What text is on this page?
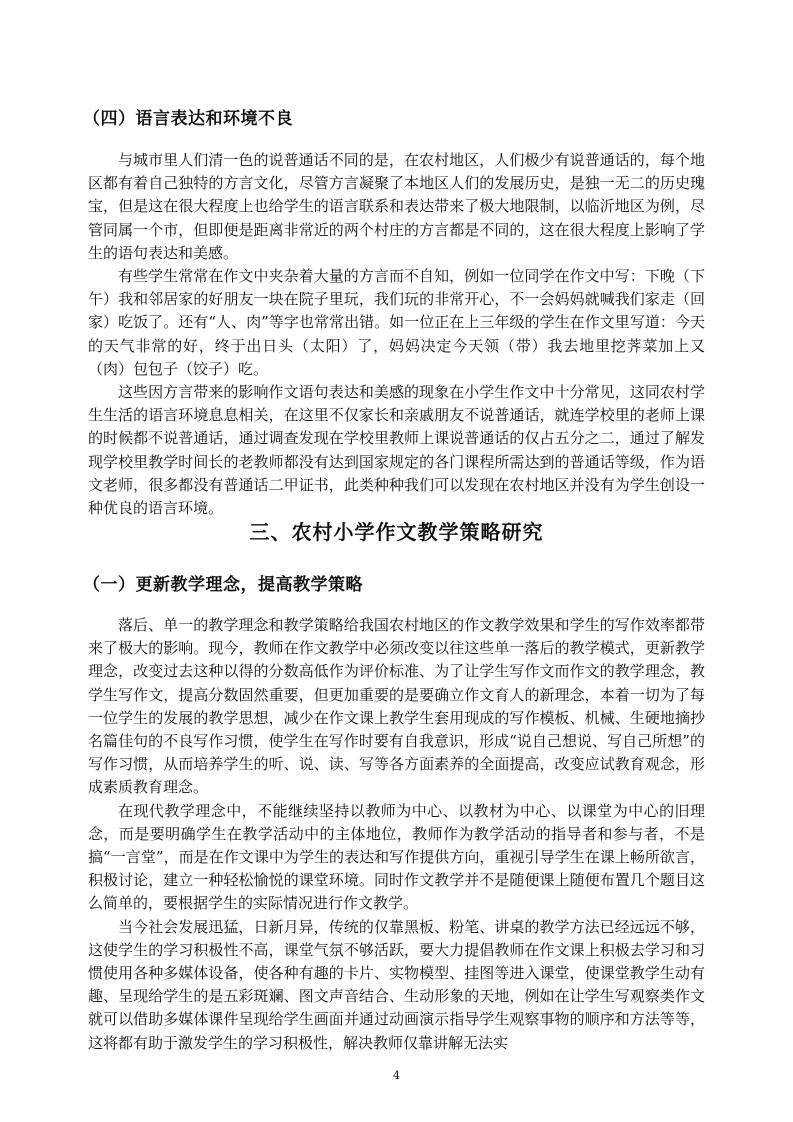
（四）语言表达和环境不良

与城市里人们清一色的说普通话不同的是，在农村地区，人们极少有说普通话的，每个地区都有着自己独特的方言文化，尽管方言凝聚了本地区人们的发展历史，是独一无二的历史瑰宝，但是这在很大程度上也给学生的语言联系和表达带来了极大地限制，以临沂地区为例，尽管同属一个市，但即便是距离非常近的两个村庄的方言都是不同的，这在很大程度上影响了学生的语句表达和美感。

有些学生常常在作文中夹杂着大量的方言而不自知，例如一位同学在作文中写：下晚（下午）我和邻居家的好朋友一块在院子里玩，我们玩的非常开心，不一会妈妈就喊我们家走（回家）吃饭了。还有“人、肉”等字也常常出错。如一位正在上三年级的学生在作文里写道：今天的天气非常的好，终于出日头（太阳）了，妈妈决定今天领（带）我去地里挖荠菜加上又（肉）包包子（饺子）吃。

这些因方言带来的影响作文语句表达和美感的现象在小学生作文中十分常见，这同农村学生生活的语言环境息息相关，在这里不仅家长和亲戚朋友不说普通话，就连学校里的老师上课的时候都不说普通话，通过调查发现在学校里教师上课说普通话的仅占五分之二，通过了解发现学校里教学时间长的老教师都没有达到国家规定的各门课程所需达到的普通话等级，作为语文老师，很多都没有普通话二甲证书，此类种种我们可以发现在农村地区并没有为学生创设一种优良的语言环境。

三、农村小学作文教学策略研究
（一）更新教学理念，提高教学策略

落后、单一的教学理念和教学策略给我国农村地区的作文教学效果和学生的写作效率都带来了极大的影响。现今，教师在作文教学中必须改变以往这些单一落后的教学模式，更新教学理念，改变过去这种以得的分数高低作为评价标准、为了让学生写作文而作文的教学理念，教学生写作文，提高分数固然重要，但更加重要的是要确立作文育人的新理念，本着一切为了每一位学生的发展的教学思想，减少在作文课上教学生套用现成的写作模板、机械、生硬地摘抄名篇佳句的不良写作习惯，使学生在写作时要有自我意识，形成“说自己想说、写自己所想”的写作习惯，从而培养学生的听、说、读、写等各方面素养的全面提高，改变应试教育观念，形成素质教育理念。

在现代教学理念中，不能继续坚持以教师为中心、以教材为中心、以课堂为中心的旧理念，而是要明确学生在教学活动中的主体地位，教师作为教学活动的指导者和参与者，不是搞“一言堂”，而是在作文课中为学生的表达和写作提供方向，重视引导学生在课上畅所欲言，积极讨论，建立一种轻松愉悦的课堂环境。同时作文教学并不是随便课上随便布置几个题目这么简单的，要根据学生的实际情况进行作文教学。

当今社会发展迅猛，日新月异，传统的仅靠黑板、粉笔、讲桌的教学方法已经远远不够，这使学生的学习积极性不高，课堂气氛不够活跃，要大力提倡教师在作文课上积极去学习和习惯使用各种多媒体设备，使各种有趣的卡片、实物模型、挂图等进入课堂，使课堂教学生动有趣、呈现给学生的是五彩斑斓、图文声音结合、生动形象的天地，例如在让学生写观察类作文就可以借助多媒体课件呈现给学生画面并通过动画演示指导学生观察事物的顺序和方法等等，这将都有助于激发学生的学习积极性，解决教师仅靠讲解无法实

4
